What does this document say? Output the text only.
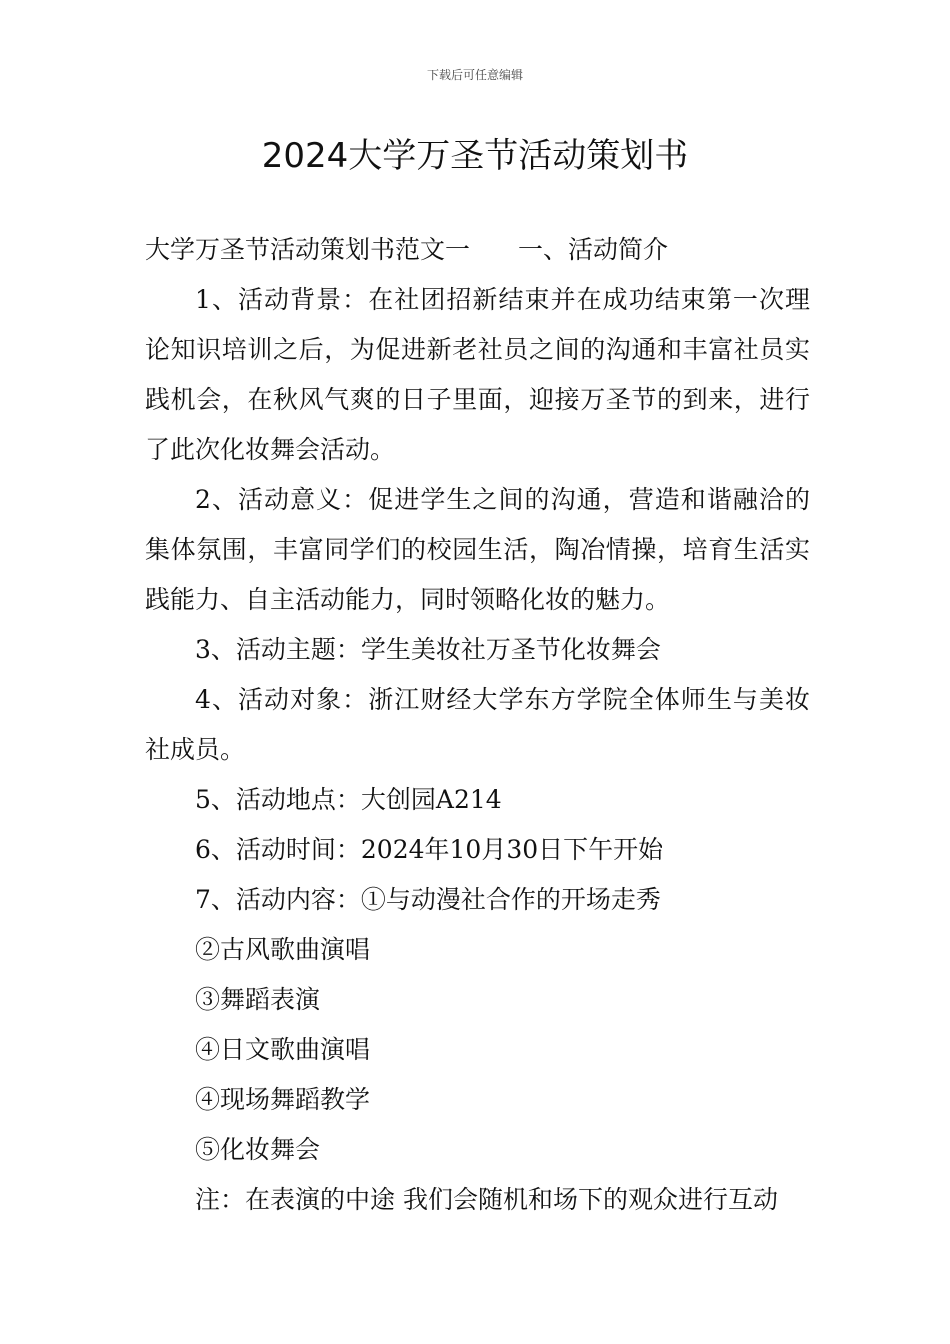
下载后可任意编辑
2024大学万圣节活动策划书

大学万圣节活动策划书范文一 一、活动简介

1、活动背景：在社团招新结束并在成功结束第一次理论知识培训之后，为促进新老社员之间的沟通和丰富社员实践机会，在秋风气爽的日子里面，迎接万圣节的到来，进行了此次化妆舞会活动。

2、活动意义：促进学生之间的沟通，营造和谐融洽的集体氛围，丰富同学们的校园生活，陶冶情操，培育生活实践能力、自主活动能力，同时领略化妆的魅力。

3、活动主题：学生美妆社万圣节化妆舞会

4、活动对象：浙江财经大学东方学院全体师生与美妆社成员。

5、活动地点：大创园A214

6、活动时间：2024年10月30日下午开始

7、活动内容：①与动漫社合作的开场走秀

②古风歌曲演唱

③舞蹈表演

④日文歌曲演唱

④现场舞蹈教学

⑤化妆舞会

注：在表演的中途 我们会随机和场下的观众进行互动
